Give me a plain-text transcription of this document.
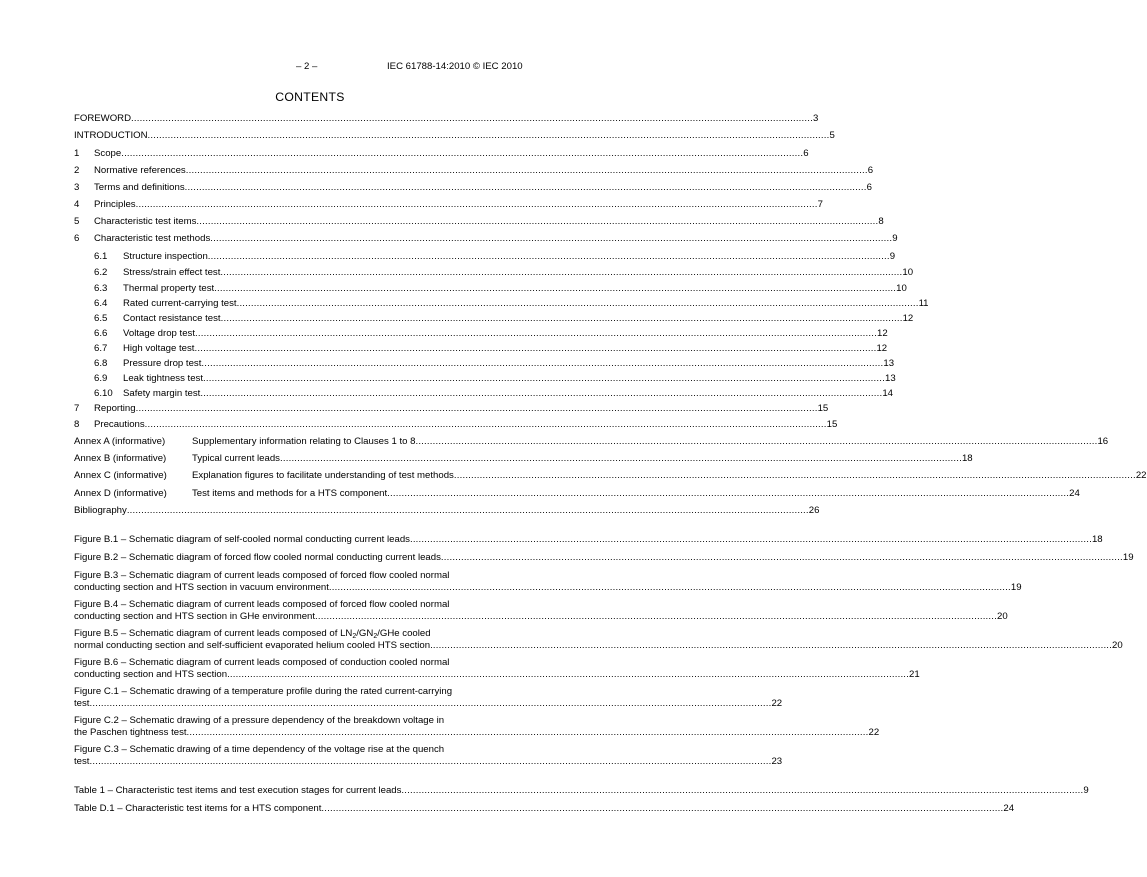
– 2 –	IEC 61788-14:2010 © IEC 2010
CONTENTS
FOREWORD .............................................................................................................................................................................................................................................. 3
INTRODUCTION .............................................................................................................................................................................................................................................. 5
1 Scope .............................................................................................................................................................................................................................................. 6
2 Normative references .............................................................................................................................................................................................................................................. 6
3 Terms and definitions .............................................................................................................................................................................................................................................. 6
4 Principles .............................................................................................................................................................................................................................................. 7
5 Characteristic test items .............................................................................................................................................................................................................................................. 8
6 Characteristic test methods .............................................................................................................................................................................................................................................. 9
6.1 Structure inspection .............................................................................................................................................................................................................................................. 9
6.2 Stress/strain effect test .............................................................................................................................................................................................................................................. 10
6.3 Thermal property test .............................................................................................................................................................................................................................................. 10
6.4 Rated current-carrying test .............................................................................................................................................................................................................................................. 11
6.5 Contact resistance test .............................................................................................................................................................................................................................................. 12
6.6 Voltage drop test .............................................................................................................................................................................................................................................. 12
6.7 High voltage test .............................................................................................................................................................................................................................................. 12
6.8 Pressure drop test .............................................................................................................................................................................................................................................. 13
6.9 Leak tightness test .............................................................................................................................................................................................................................................. 13
6.10 Safety margin test .............................................................................................................................................................................................................................................. 14
7 Reporting .............................................................................................................................................................................................................................................. 15
8 Precautions .............................................................................................................................................................................................................................................. 15
Annex A (informative)	Supplementary information relating to Clauses 1 to 8 .............................................................................................................................................................................................................................................. 16
Annex B (informative)	Typical current leads .............................................................................................................................................................................................................................................. 18
Annex C (informative)	Explanation figures to facilitate understanding of test methods .............................................................................................................................................................................................................................................. 22
Annex D (informative)	Test items and methods for a HTS component .............................................................................................................................................................................................................................................. 24
Bibliography .............................................................................................................................................................................................................................................. 26
Figure B.1 – Schematic diagram of self-cooled normal conducting current leads .............................................................................................................................................................................................................................................. 18
Figure B.2 – Schematic diagram of forced flow cooled normal conducting current leads .............................................................................................................................................................................................................................................. 19
Figure B.3 – Schematic diagram of current leads composed of forced flow cooled normal
conducting section and HTS section in vacuum environment .............................................................................................................................................................................................................................................. 19
Figure B.4 – Schematic diagram of current leads composed of forced flow cooled normal
conducting section and HTS section in GHe environment .............................................................................................................................................................................................................................................. 20
Figure B.5 – Schematic diagram of current leads composed of $LN_2/GN_2$/GHe cooled
normal conducting section and self-sufficient evaporated helium cooled HTS section .............................................................................................................................................................................................................................................. 20
Figure B.6 – Schematic diagram of current leads composed of conduction cooled normal
conducting section and HTS section .............................................................................................................................................................................................................................................. 21
Figure C.1 – Schematic drawing of a temperature profile during the rated current-carrying
test .............................................................................................................................................................................................................................................. 22
Figure C.2 – Schematic drawing of a pressure dependency of the breakdown voltage in
the Paschen tightness test .............................................................................................................................................................................................................................................. 22
Figure C.3 – Schematic drawing of a time dependency of the voltage rise at the quench
test .............................................................................................................................................................................................................................................. 23
Table 1 – Characteristic test items and test execution stages for current leads .............................................................................................................................................................................................................................................. 9
Table D.1 – Characteristic test items for a HTS component .............................................................................................................................................................................................................................................. 24
